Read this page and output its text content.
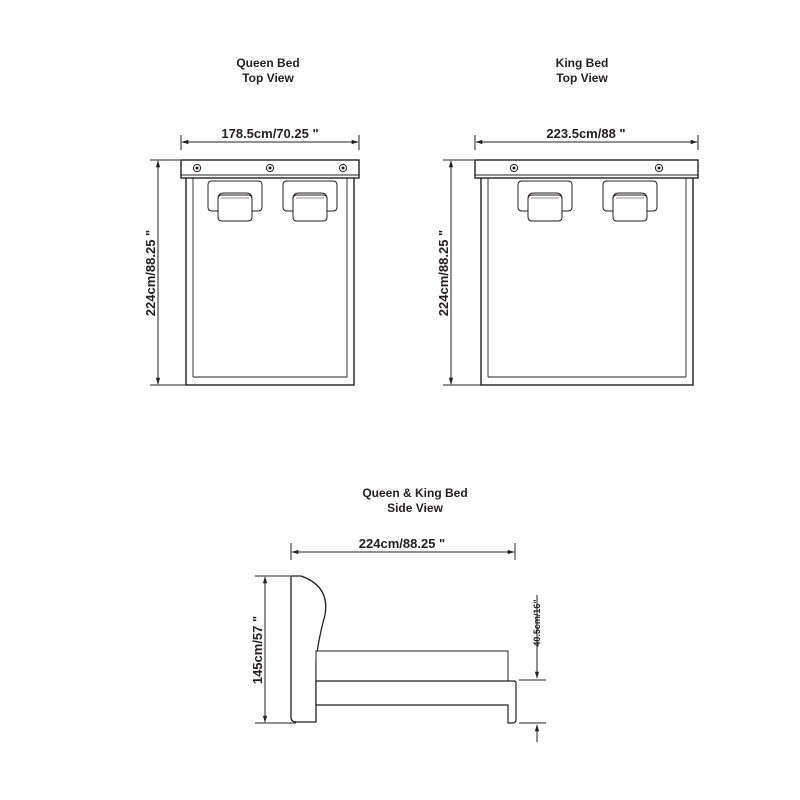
Queen Bed
Top View
178.5cm/70.25 "
224cm/88.25 "
King Bed
Top View
223.5cm/88 "
224cm/88.25 "
Queen & King Bed
Side View
224cm/88.25 "
145cm/57 "	40.5cm/16"
